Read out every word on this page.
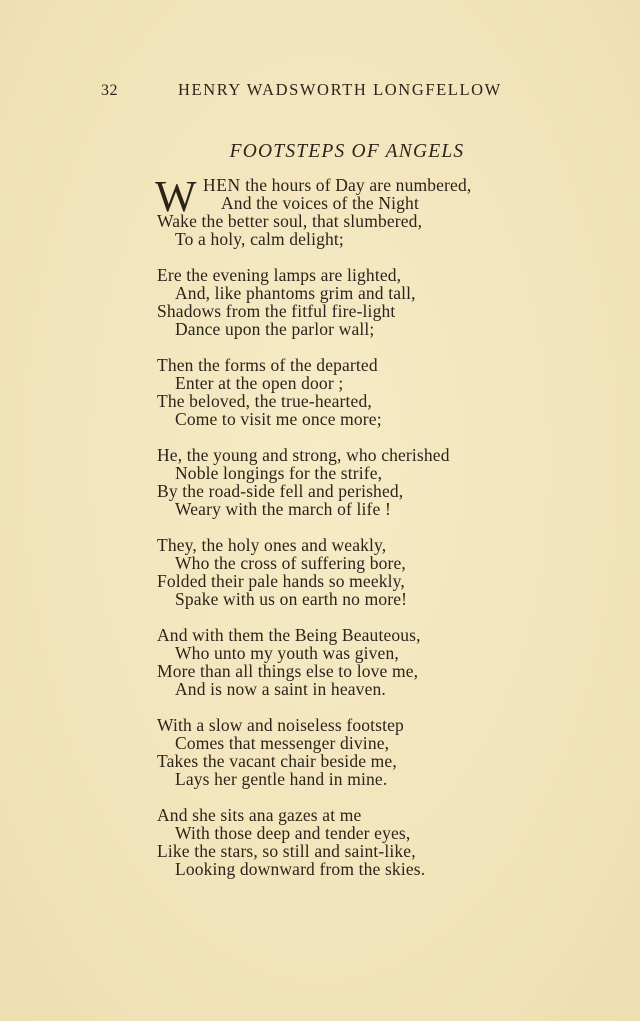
32	HENRY WADSWORTH LONGFELLOW
FOOTSTEPS OF ANGELS
W HEN the hours of Day are numbered,
And the voices of the Night
Wake the better soul, that slumbered,
To a holy, calm delight;
Ere the evening lamps are lighted,
And, like phantoms grim and tall,
Shadows from the fitful fire-light
Dance upon the parlor wall;
Then the forms of the departed
Enter at the open door ;
The beloved, the true-hearted,
Come to visit me once more;
He, the young and strong, who cherished
Noble longings for the strife,
By the road-side fell and perished,
Weary with the march of life !
They, the holy ones and weakly,
Who the cross of suffering bore,
Folded their pale hands so meekly,
Spake with us on earth no more!
And with them the Being Beauteous,
Who unto my youth was given,
More than all things else to love me,
And is now a saint in heaven.
With a slow and noiseless footstep
Comes that messenger divine,
Takes the vacant chair beside me,
Lays her gentle hand in mine.
And she sits ana gazes at me
With those deep and tender eyes,
Like the stars, so still and saint-like,
Looking downward from the skies.
